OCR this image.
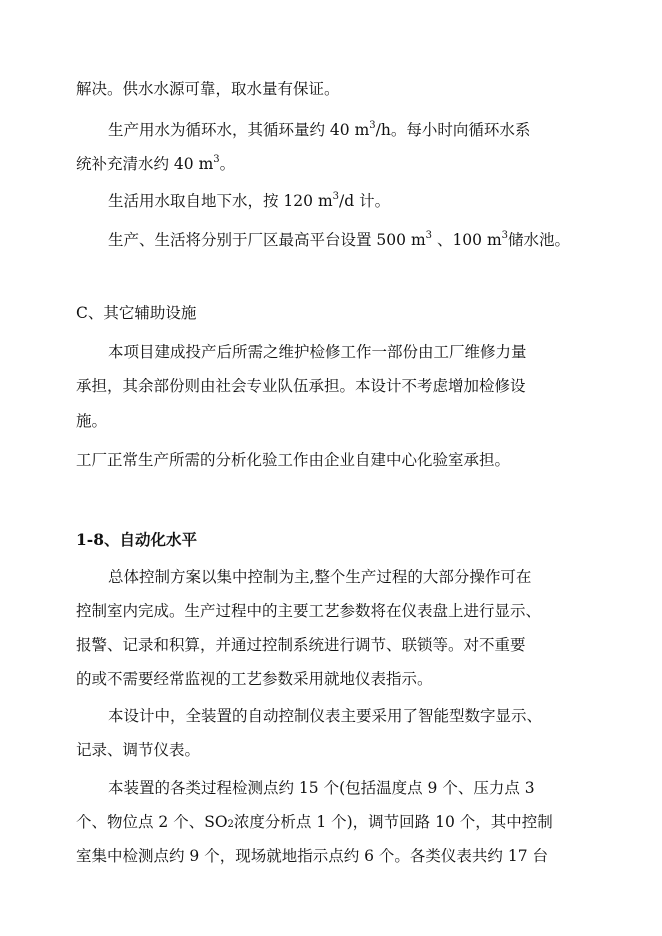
解决。供水水源可靠，取水量有保证。
生产用水为循环水，其循环量约 40 $m^3/h$。每小时向循环水系
统补充清水约 40 $m^3$。
生活用水取自地下水，按 120 $m^3/d$ 计。
生产、生活将分别于厂区最高平台设置 500 $m^3$ 、100 $m^3$储水池。
C、其它辅助设施
本项目建成投产后所需之维护检修工作一部份由工厂维修力量
承担，其余部份则由社会专业队伍承担。本设计不考虑增加检修设
施。
工厂正常生产所需的分析化验工作由企业自建中心化验室承担。
1-8、自动化水平
总体控制方案以集中控制为主,整个生产过程的大部分操作可在
控制室内完成。生产过程中的主要工艺参数将在仪表盘上进行显示、
报警、记录和积算，并通过控制系统进行调节、联锁等。对不重要
的或不需要经常监视的工艺参数采用就地仪表指示。
本设计中，全装置的自动控制仪表主要采用了智能型数字显示、
记录、调节仪表。
本装置的各类过程检测点约 15 个(包括温度点 9 个、压力点 3
个、物位点 2 个、$SO_2$浓度分析点 1 个)，调节回路 10 个，其中控制
室集中检测点约 9 个，现场就地指示点约 6 个。各类仪表共约 17 台
